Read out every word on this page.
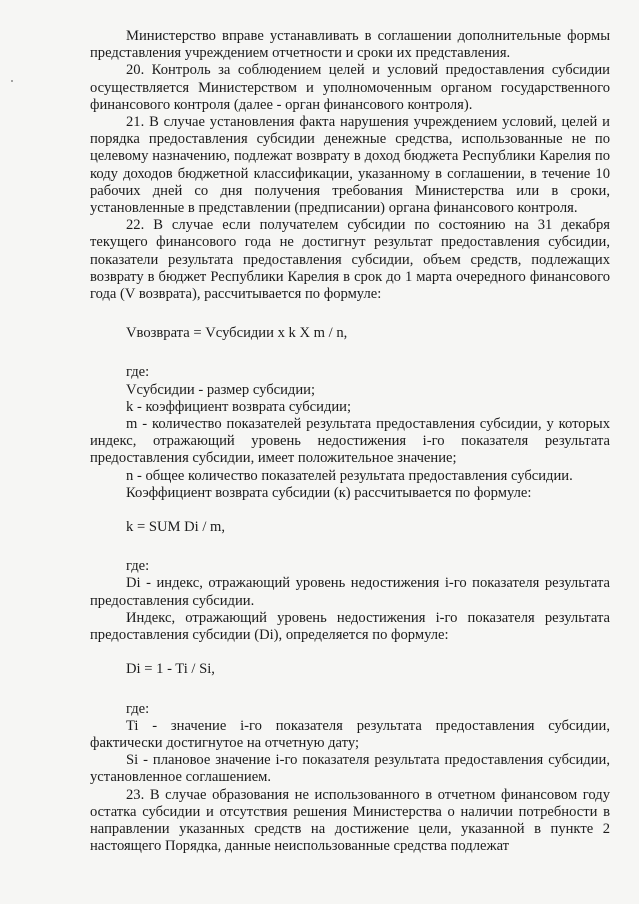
Министерство вправе устанавливать в соглашении дополнительные формы представления учреждением отчетности и сроки их представления.

20. Контроль за соблюдением целей и условий предоставления субсидии осуществляется Министерством и уполномоченным органом государственного финансового контроля (далее - орган финансового контроля).

21. В случае установления факта нарушения учреждением условий, целей и порядка предоставления субсидии денежные средства, использованные не по целевому назначению, подлежат возврату в доход бюджета Республики Карелия по коду доходов бюджетной классификации, указанному в соглашении, в течение 10 рабочих дней со дня получения требования Министерства или в сроки, установленные в представлении (предписании) органа финансового контроля.

22. В случае если получателем субсидии по состоянию на 31 декабря текущего финансового года не достигнут результат предоставления субсидии, показатели результата предоставления субсидии, объем средств, подлежащих возврату в бюджет Республики Карелия в срок до 1 марта очередного финансового года (V возврата), рассчитывается по формуле:

Vвозврата = Vсубсидии x k X m / n,

где:

Vсубсидии - размер субсидии;

k - коэффициент возврата субсидии;

m - количество показателей результата предоставления субсидии, у которых индекс, отражающий уровень недостижения i-го показателя результата предоставления субсидии, имеет положительное значение;

n - общее количество показателей результата предоставления субсидии.

Коэффициент возврата субсидии (к) рассчитывается по формуле:

k = SUM Di / m,

где:

Di - индекс, отражающий уровень недостижения i-го показателя результата предоставления субсидии.

Индекс, отражающий уровень недостижения i-го показателя результата предоставления субсидии (Di), определяется по формуле:

Di = 1 - Ti / Si,

где:

Ti - значение i-го показателя результата предоставления субсидии, фактически достигнутое на отчетную дату;

Si - плановое значение i-го показателя результата предоставления субсидии, установленное соглашением.

23. В случае образования не использованного в отчетном финансовом году остатка субсидии и отсутствия решения Министерства о наличии потребности в направлении указанных средств на достижение цели, указанной в пункте 2 настоящего Порядка, данные неиспользованные средства подлежат
